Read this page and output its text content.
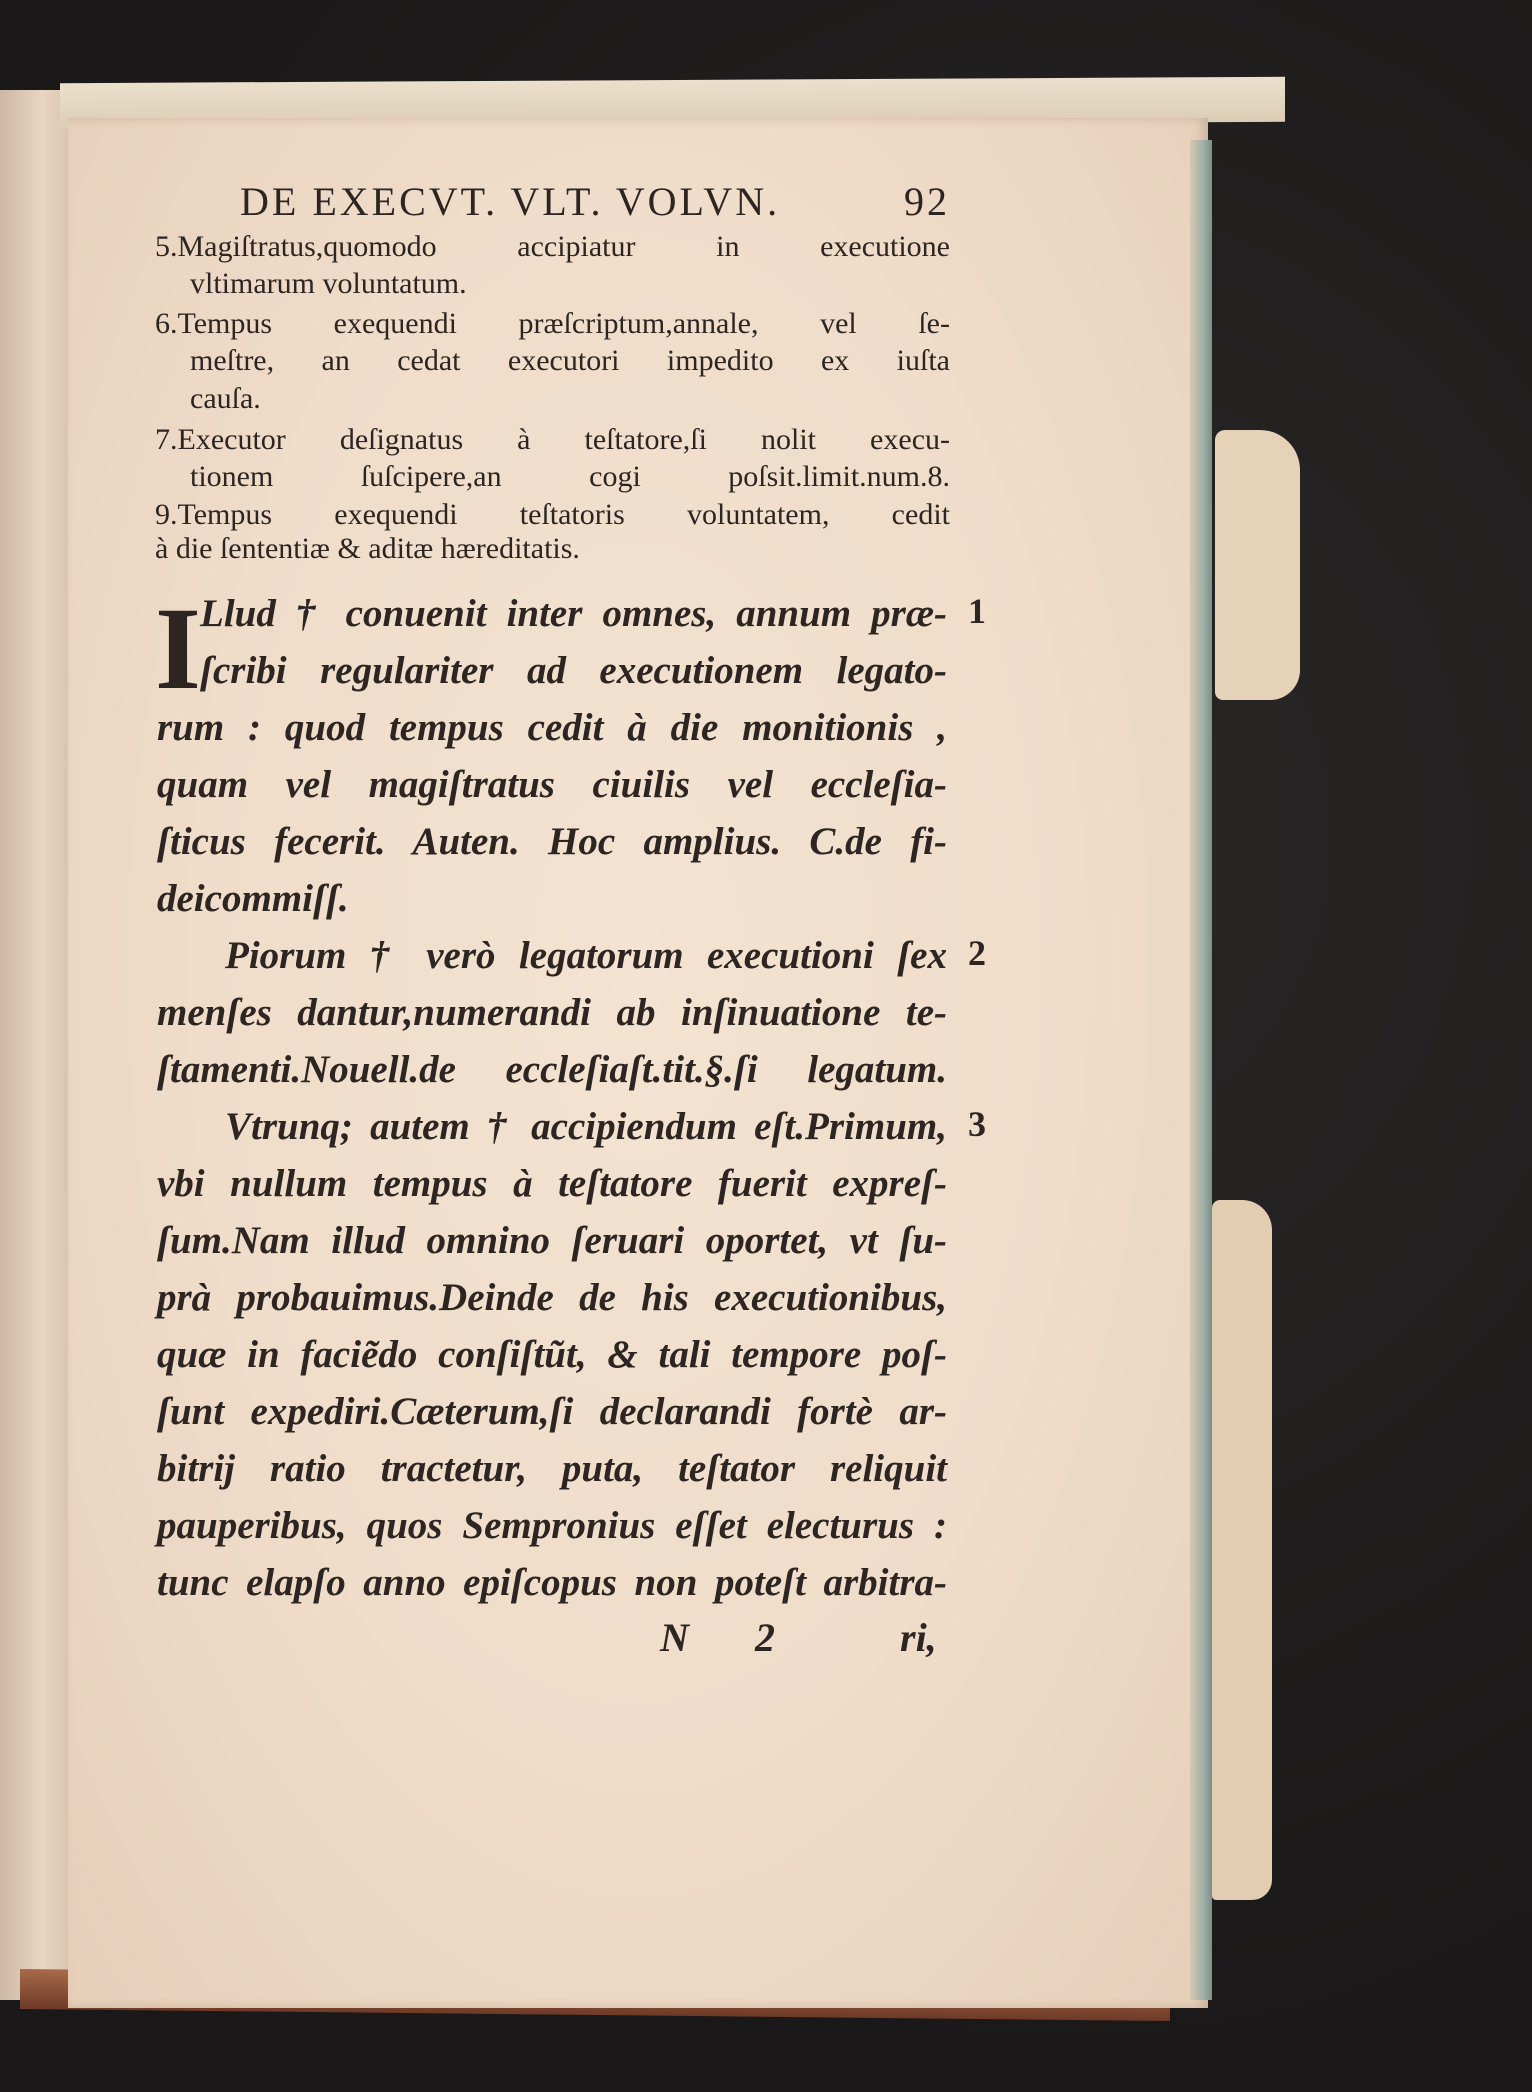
DE EXECVT. VLT. VOLVN.	92
5.Magiſtratus,quomodo accipiatur in executione
vltimarum voluntatum.
6.Tempus exequendi præſcriptum,annale, vel ſe-
meſtre, an cedat executori impedito ex iuſta
cauſa.
7.Executor deſignatus à teſtatore,ſi nolit execu-
tionem ſuſcipere,an cogi poſsit.limit.num.8.
9.Tempus exequendi teſtatoris voluntatem, cedit
à die ſententiæ & aditæ hæreditatis.
I Llud † conuenit inter omnes, annum præ-
ſcribi regulariter ad executionem legato-
rum : quod tempus cedit à die monitionis ,
quam vel magiſtratus ciuilis vel eccleſia-
ſticus fecerit. Auten. Hoc amplius. C.de fi-
deicommiſſ.
Piorum † verò legatorum executioni ſex
menſes dantur,numerandi ab inſinuatione te-
ſtamenti.Nouell.de eccleſiaſt.tit.§.ſi legatum.
Vtrunq; autem † accipiendum eſt.Primum,
vbi nullum tempus à teſtatore fuerit expreſ-
ſum.Nam illud omnino ſeruari oportet, vt ſu-
prà probauimus.Deinde de his executionibus,
quæ in faciẽdo conſiſtũt, & tali tempore poſ-
ſunt expediri.Cæterum,ſi declarandi fortè ar-
bitrij ratio tractetur, puta, teſtator reliquit
pauperibus, quos Sempronius eſſet electurus :
tunc elapſo anno epiſcopus non poteſt arbitra-
1
2
3
N 2	ri,
